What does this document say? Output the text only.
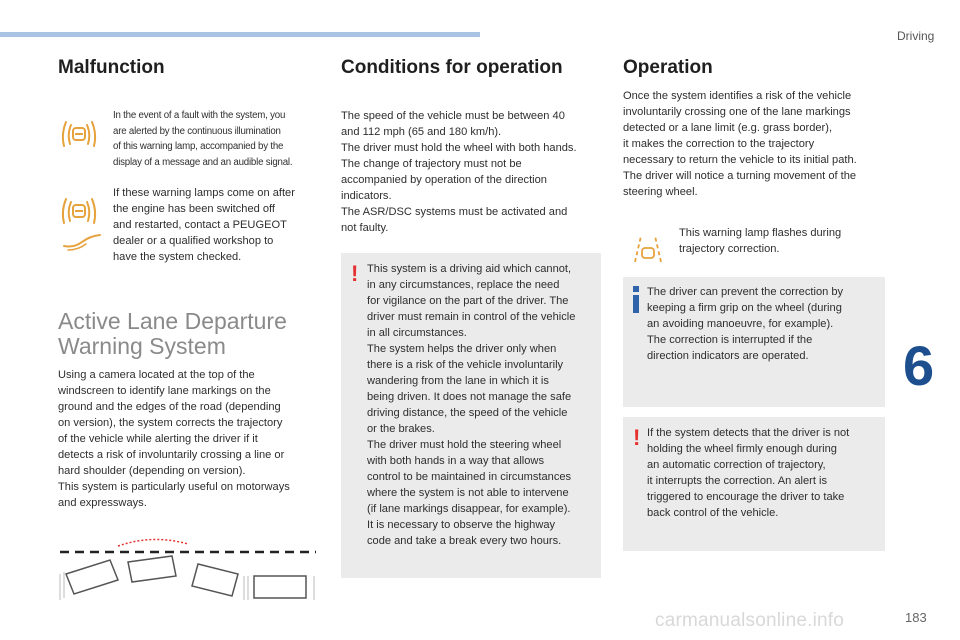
Driving
6
183
carmanualsonline.info
Malfunction
In the event of a fault with the system, you
are alerted by the continuous illumination
of this warning lamp, accompanied by the
display of a message and an audible signal.
If these warning lamps come on after
the engine has been switched off
and restarted, contact a PEUGEOT
dealer or a qualified workshop to
have the system checked.
Active Lane Departure
Warning System
Using a camera located at the top of the
windscreen to identify lane markings on the
ground and the edges of the road (depending
on version), the system corrects the trajectory
of the vehicle while alerting the driver if it
detects a risk of involuntarily crossing a line or
hard shoulder (depending on version).
This system is particularly useful on motorways
and expressways.
Conditions for operation
The speed of the vehicle must be between 40
and 112 mph (65 and 180 km/h).
The driver must hold the wheel with both hands.
The change of trajectory must not be
accompanied by operation of the direction
indicators.
The ASR/DSC systems must be activated and
not faulty.
! This system is a driving aid which cannot,
in any circumstances, replace the need
for vigilance on the part of the driver. The
driver must remain in control of the vehicle
in all circumstances.
The system helps the driver only when
there is a risk of the vehicle involuntarily
wandering from the lane in which it is
being driven. It does not manage the safe
driving distance, the speed of the vehicle
or the brakes.
The driver must hold the steering wheel
with both hands in a way that allows
control to be maintained in circumstances
where the system is not able to intervene
(if lane markings disappear, for example).
It is necessary to observe the highway
code and take a break every two hours.
Operation
Once the system identifies a risk of the vehicle
involuntarily crossing one of the lane markings
detected or a lane limit (e.g. grass border),
it makes the correction to the trajectory
necessary to return the vehicle to its initial path.
The driver will notice a turning movement of the
steering wheel.
This warning lamp flashes during
trajectory correction.
The driver can prevent the correction by
keeping a firm grip on the wheel (during
an avoiding manoeuvre, for example).
The correction is interrupted if the
direction indicators are operated.
! If the system detects that the driver is not
holding the wheel firmly enough during
an automatic correction of trajectory,
it interrupts the correction. An alert is
triggered to encourage the driver to take
back control of the vehicle.
